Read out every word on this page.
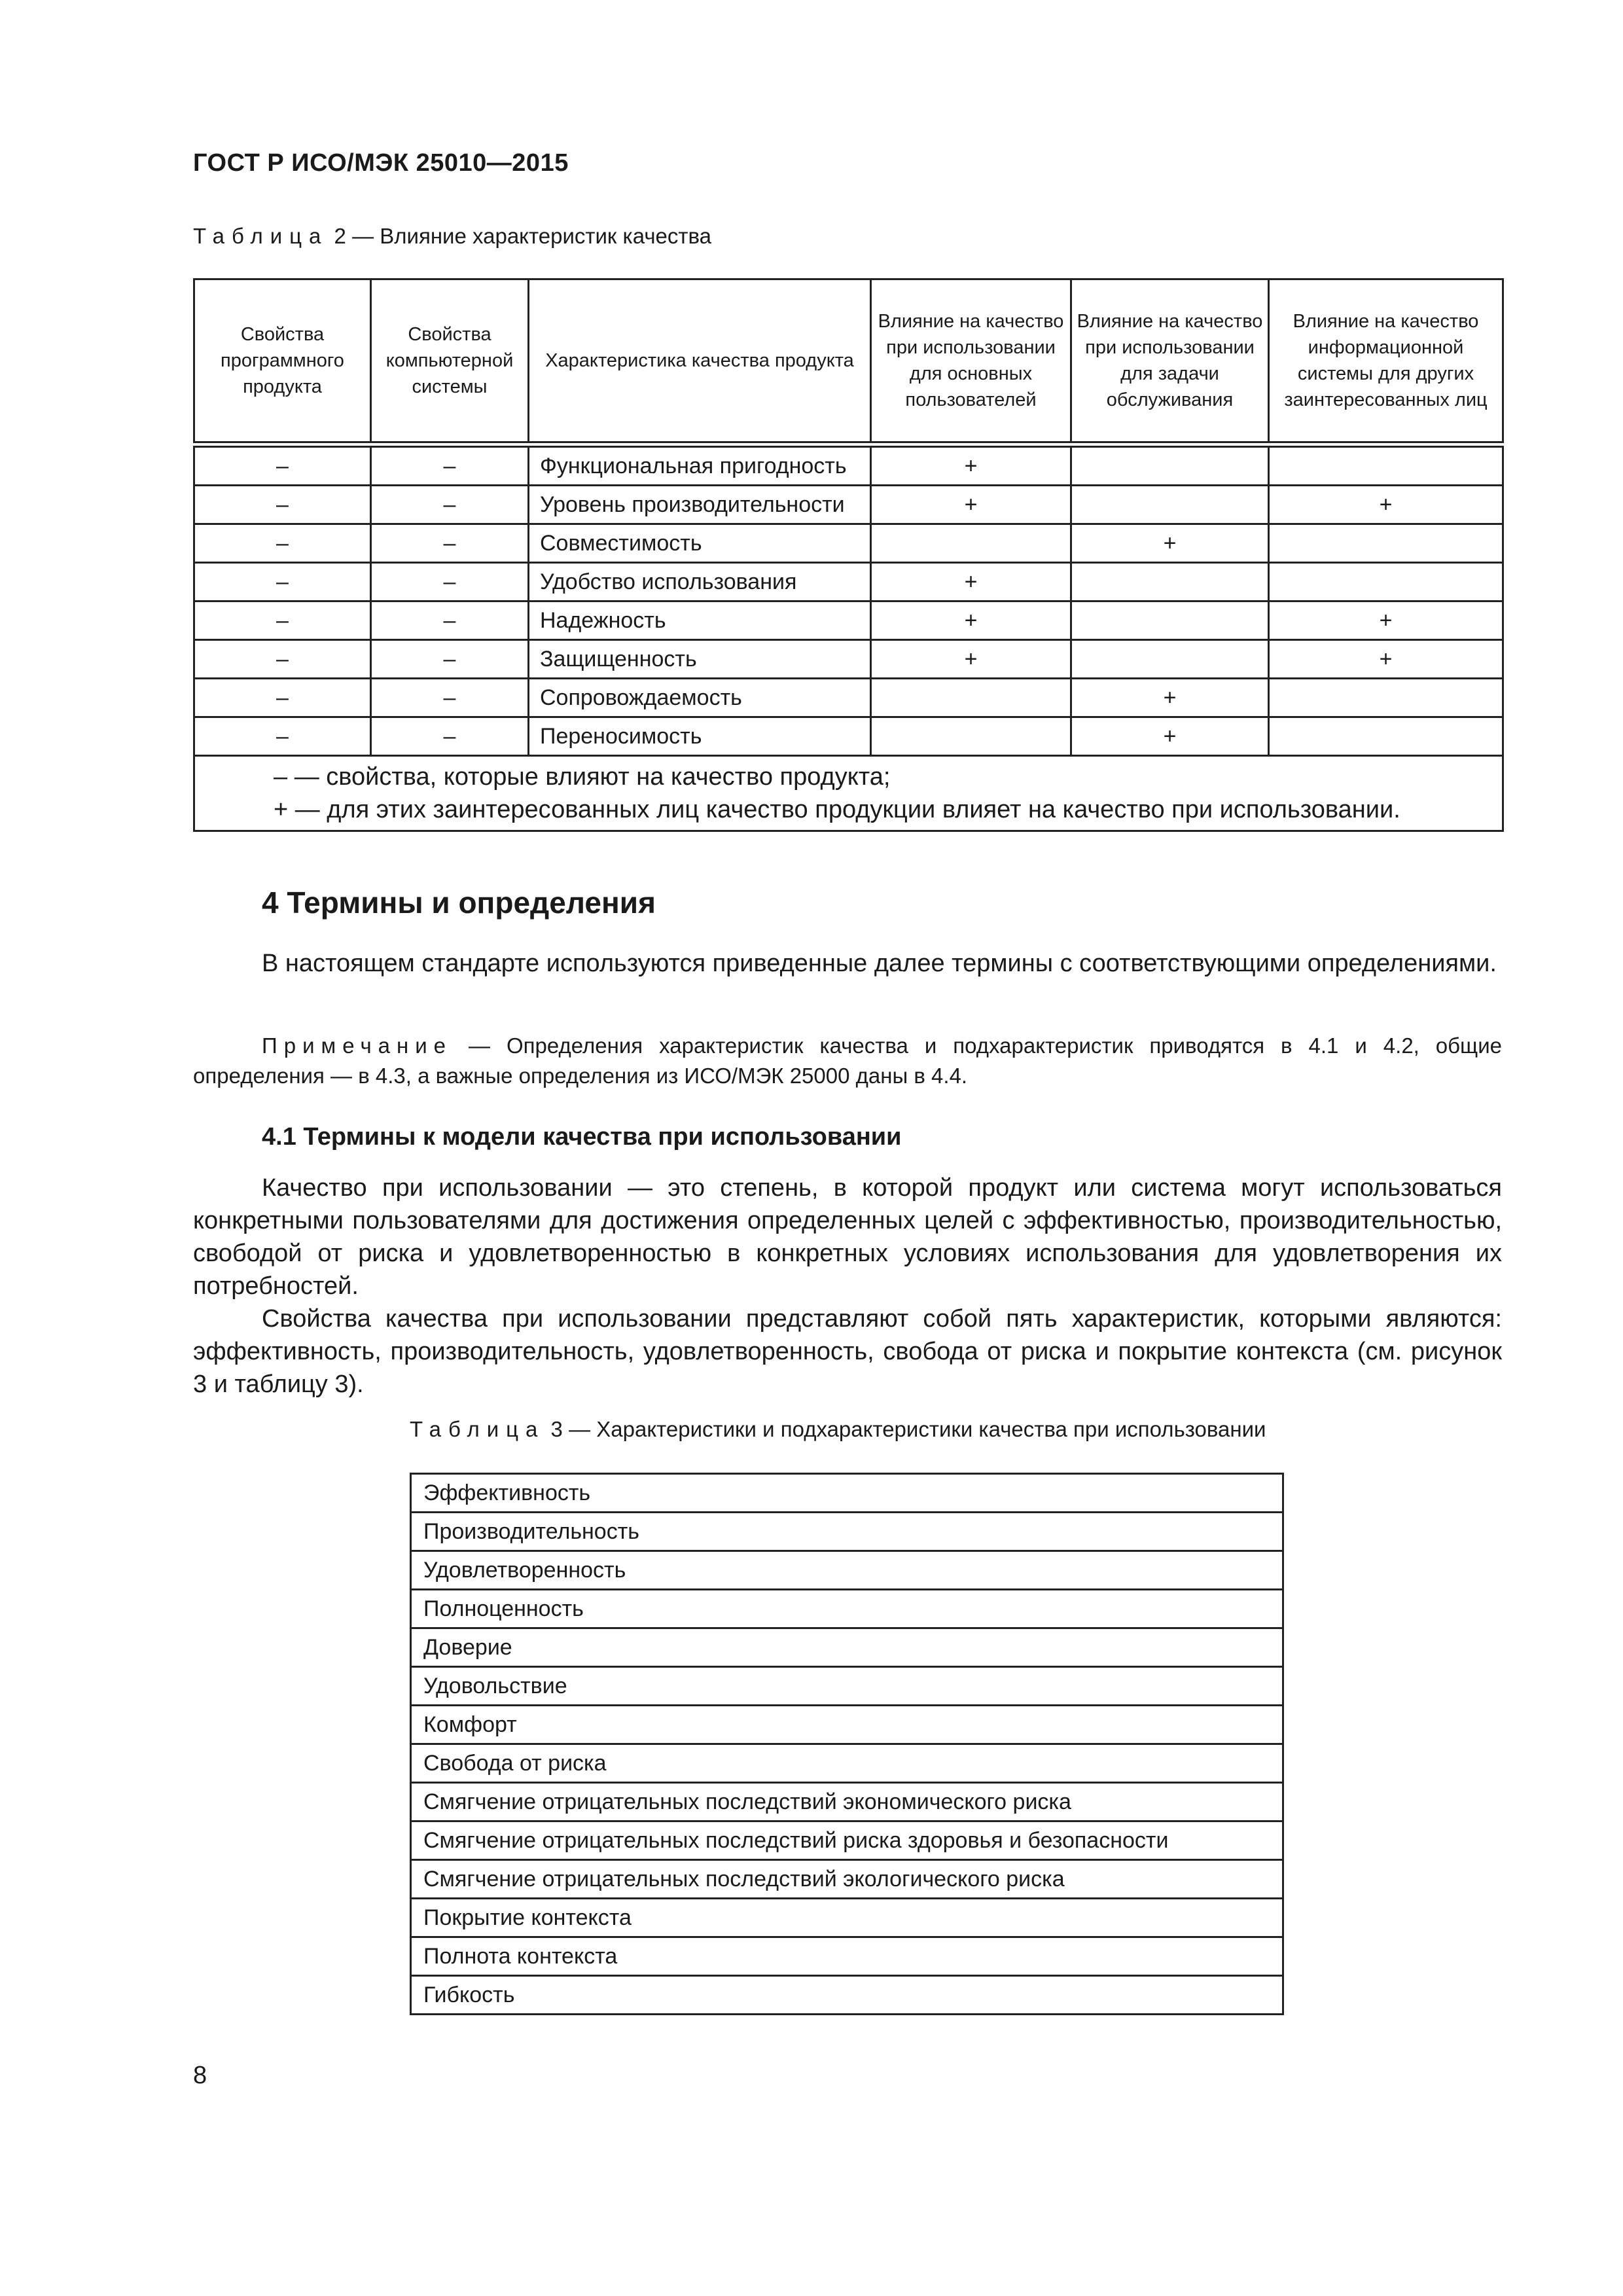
ГОСТ Р ИСО/МЭК 25010—2015
Таблица 2 — Влияние характеристик качества
Свойства программного продукта	Свойства компьютерной системы	Характеристика качества продукта	Влияние на качество при использовании для основных пользователей	Влияние на качество при использовании для задачи обслуживания	Влияние на качество информационной системы для других заинтересованных лиц
–	–	Функциональная пригодность	+		
–	–	Уровень производительности	+		+
–	–	Совместимость		+	
–	–	Удобство использования	+		
–	–	Надежность	+		+
–	–	Защищенность	+		+
–	–	Сопровождаемость		+	
–	–	Переносимость		+	

– — свойства, которые влияют на качество продукта;
+ — для этих заинтересованных лиц качество продукции влияет на качество при использовании.					
4 Термины и определения
В настоящем стандарте используются приведенные далее термины с соответствующими определениями.
Примечание — Определения характеристик качества и подхарактеристик приводятся в 4.1 и 4.2, общие определения — в 4.3, а важные определения из ИСО/МЭК 25000 даны в 4.4.
4.1 Термины к модели качества при использовании
Качество при использовании — это степень, в которой продукт или система могут использоваться конкретными пользователями для достижения определенных целей с эффективностью, производительностью, свободой от риска и удовлетворенностью в конкретных условиях использования для удовлетворения их потребностей.
Свойства качества при использовании представляют собой пять характеристик, которыми являются: эффективность, производительность, удовлетворенность, свобода от риска и покрытие контекста (см. рисунок 3 и таблицу 3).
Таблица 3 — Характеристики и подхарактеристики качества при использовании
Эффективность
Производительность
Удовлетворенность
Полноценность
Доверие
Удовольствие
Комфорт
Свобода от риска
Смягчение отрицательных последствий экономического риска
Смягчение отрицательных последствий риска здоровья и безопасности
Смягчение отрицательных последствий экологического риска
Покрытие контекста
Полнота контекста
Гибкость
8
